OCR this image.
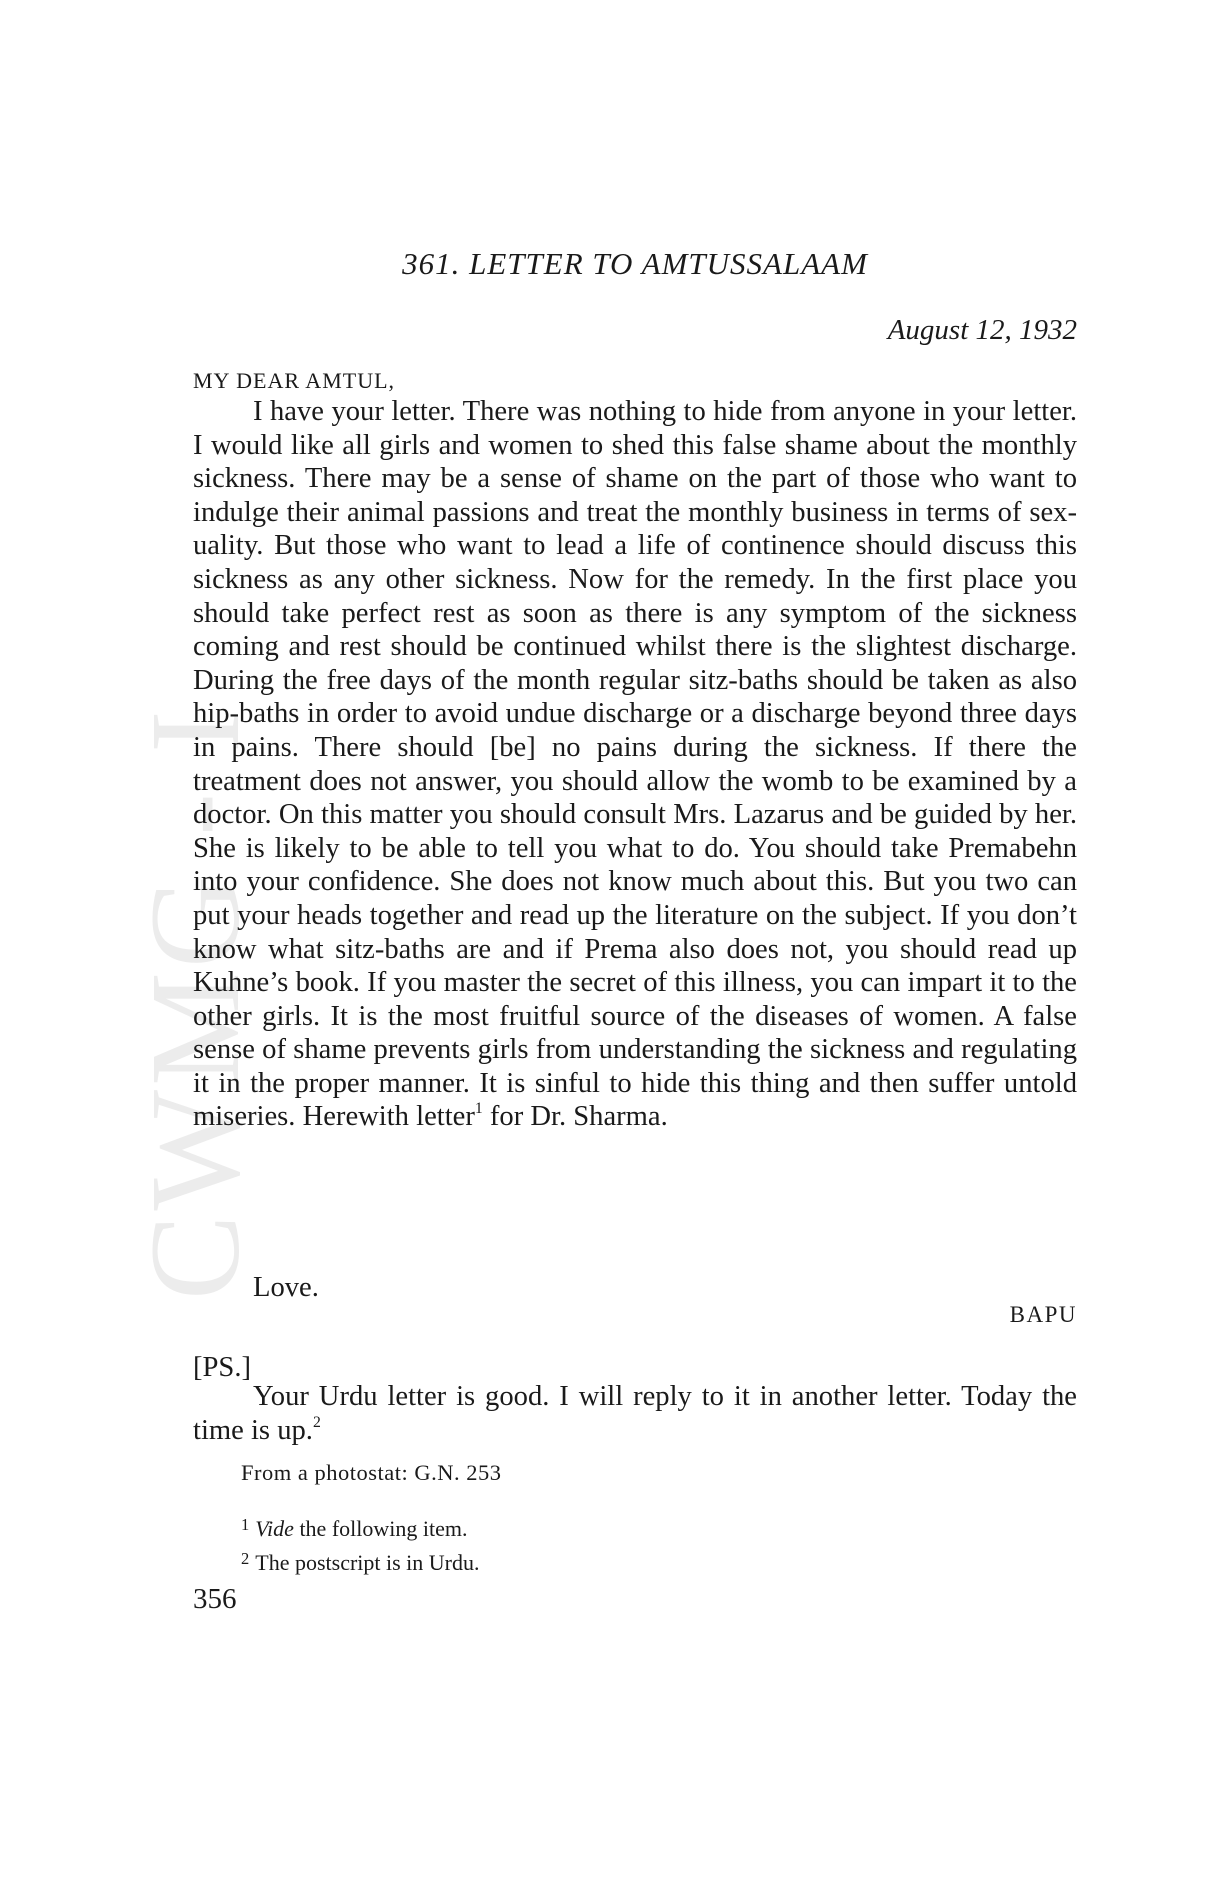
CWMG - I
361. LETTER TO AMTUSSALAAM
August 12, 1932
MY DEAR AMTUL,

I have your letter. There was nothing to hide from anyone in your letter. I would like all girls and women to shed this false shame about the monthly sickness. There may be a sense of shame on the part of those who want to indulge their animal passions and treat the monthly business in terms of sexuality. But those who want to lead a life of continence should discuss this sickness as any other sickness. Now for the remedy. In the first place you should take perfect rest as soon as there is any symptom of the sickness coming and rest should be continued whilst there is the slightest discharge. During the free days of the month regular sitz-baths should be taken as also hip-baths in order to avoid undue discharge or a discharge beyond three days in pains. There should [be] no pains during the sickness. If there the treatment does not answer, you should allow the womb to be examined by a doctor. On this matter you should consult Mrs. Lazarus and be guided by her. She is likely to be able to tell you what to do. You should take Premabehn into your confidence. She does not know much about this. But you two can put your heads together and read up the literature on the subject. If you don’t know what sitz-baths are and if Prema also does not, you should read up Kuhne’s book. If you master the secret of this illness, you can impart it to the other girls. It is the most fruitful source of the diseases of women. A false sense of shame prevents girls from understanding the sickness and regulating it in the proper manner. It is sinful to hide this thing and then suffer untold miseries. Herewith letter$^1$ for Dr. Sharma.

Love.
BAPU
[PS.]

Your Urdu letter is good. I will reply to it in another letter. Today the time is up.$^2$

From a photostat: G.N. 253
$^1$ Vide the following item.
$^2$ The postscript is in Urdu.
356
